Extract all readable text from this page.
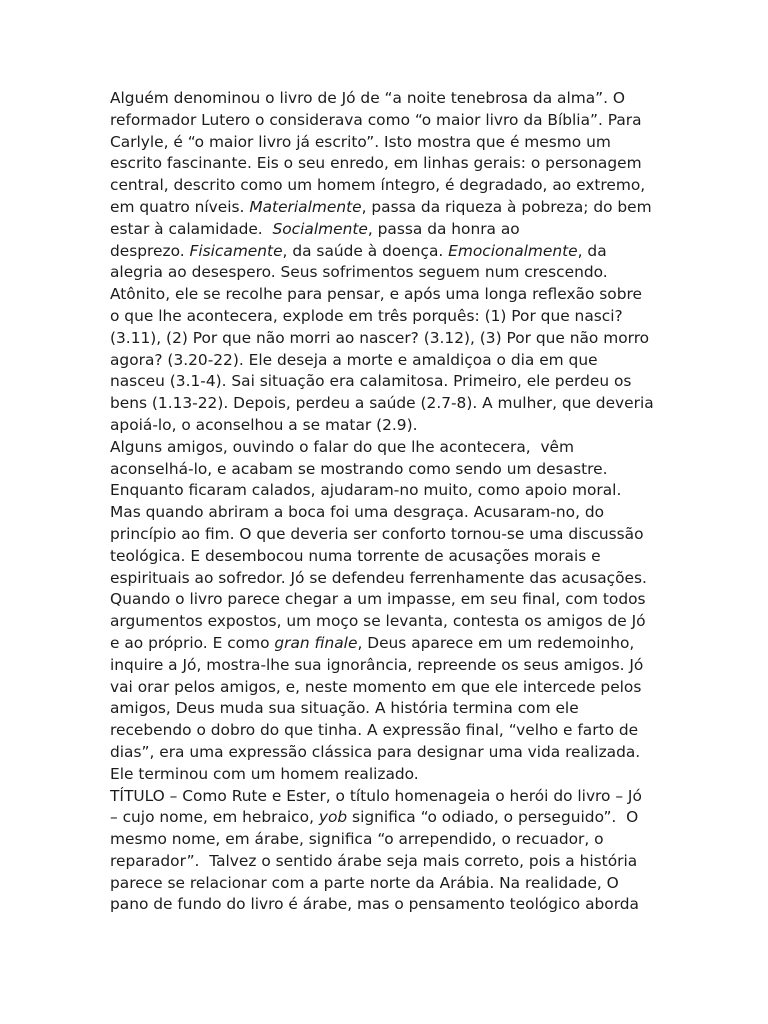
Alguém denominou o livro de Jó de “a noite tenebrosa da alma”. O
reformador Lutero o considerava como “o maior livro da Bíblia”. Para
Carlyle, é “o maior livro já escrito”. Isto mostra que é mesmo um
escrito fascinante. Eis o seu enredo, em linhas gerais: o personagem
central, descrito como um homem íntegro, é degradado, ao extremo,
em quatro níveis. Materialmente, passa da riqueza à pobreza; do bem
estar à calamidade.  Socialmente, passa da honra ao
desprezo. Fisicamente, da saúde à doença. Emocionalmente, da
alegria ao desespero. Seus sofrimentos seguem num crescendo.
Atônito, ele se recolhe para pensar, e após uma longa reflexão sobre
o que lhe acontecera, explode em três porquês: (1) Por que nasci?
(3.11), (2) Por que não morri ao nascer? (3.12), (3) Por que não morro
agora? (3.20-22). Ele deseja a morte e amaldiçoa o dia em que
nasceu (3.1-4). Sai situação era calamitosa. Primeiro, ele perdeu os
bens (1.13-22). Depois, perdeu a saúde (2.7-8). A mulher, que deveria
apoiá-lo, o aconselhou a se matar (2.9).
Alguns amigos, ouvindo o falar do que lhe acontecera,  vêm
aconselhá-lo, e acabam se mostrando como sendo um desastre.
Enquanto ficaram calados, ajudaram-no muito, como apoio moral.
Mas quando abriram a boca foi uma desgraça. Acusaram-no, do
princípio ao fim. O que deveria ser conforto tornou-se uma discussão
teológica. E desembocou numa torrente de acusações morais e
espirituais ao sofredor. Jó se defendeu ferrenhamente das acusações.
Quando o livro parece chegar a um impasse, em seu final, com todos
argumentos expostos, um moço se levanta, contesta os amigos de Jó
e ao próprio. E como gran finale, Deus aparece em um redemoinho,
inquire a Jó, mostra-lhe sua ignorância, repreende os seus amigos. Jó
vai orar pelos amigos, e, neste momento em que ele intercede pelos
amigos, Deus muda sua situação. A história termina com ele
recebendo o dobro do que tinha. A expressão final, “velho e farto de
dias”, era uma expressão clássica para designar uma vida realizada.
Ele terminou com um homem realizado.
TÍTULO – Como Rute e Ester, o título homenageia o herói do livro – Jó
– cujo nome, em hebraico, yob significa “o odiado, o perseguido”.  O
mesmo nome, em árabe, significa “o arrependido, o recuador, o
reparador”.  Talvez o sentido árabe seja mais correto, pois a história
parece se relacionar com a parte norte da Arábia. Na realidade, O
pano de fundo do livro é árabe, mas o pensamento teológico aborda
